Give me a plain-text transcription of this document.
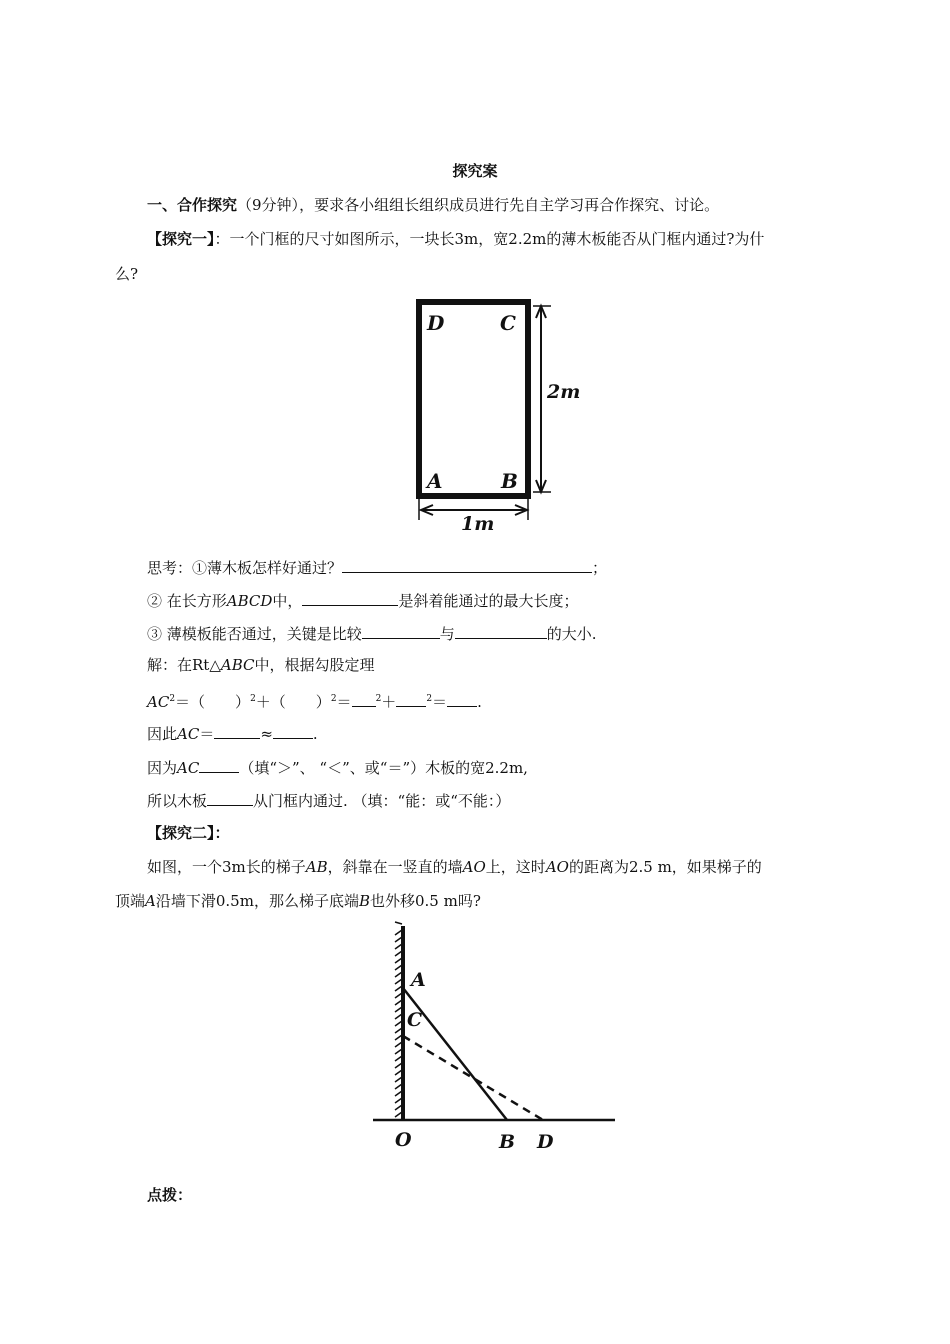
探究案
一、合作探究（9分钟），要求各小组组长组织成员进行先自主学习再合作探究、讨论。
【探究一】：一个门框的尺寸如图所示，一块长3m，宽2.2m的薄木板能否从门框内通过?为什
么?
D	C
A	B
2m
1m
思考：①薄木板怎样好通过？	；
② 在长方形ABCD中，	是斜着能通过的最大长度；
③ 薄模板能否通过，关键是比较	与	的大小.
解：在Rt△ABC中，根据勾股定理
$AC^2=$（　　）$^2$＋（　　）$^2$＝	$^2$＋	$^2$＝ .
因此AC＝	≈	.
因为AC	（填“＞”、 “＜”、或“＝”）木板的宽2.2m,
所以木板	从门框内通过. （填：“能：或“不能：）
【探究二】：
如图，一个3m长的梯子AB，斜靠在一竖直的墙AO上，这时AO的距离为2.5 m，如果梯子的
顶端A沿墙下滑0.5m，那么梯子底端B也外移0.5 m吗?
A
C
O	B D
点拨：
